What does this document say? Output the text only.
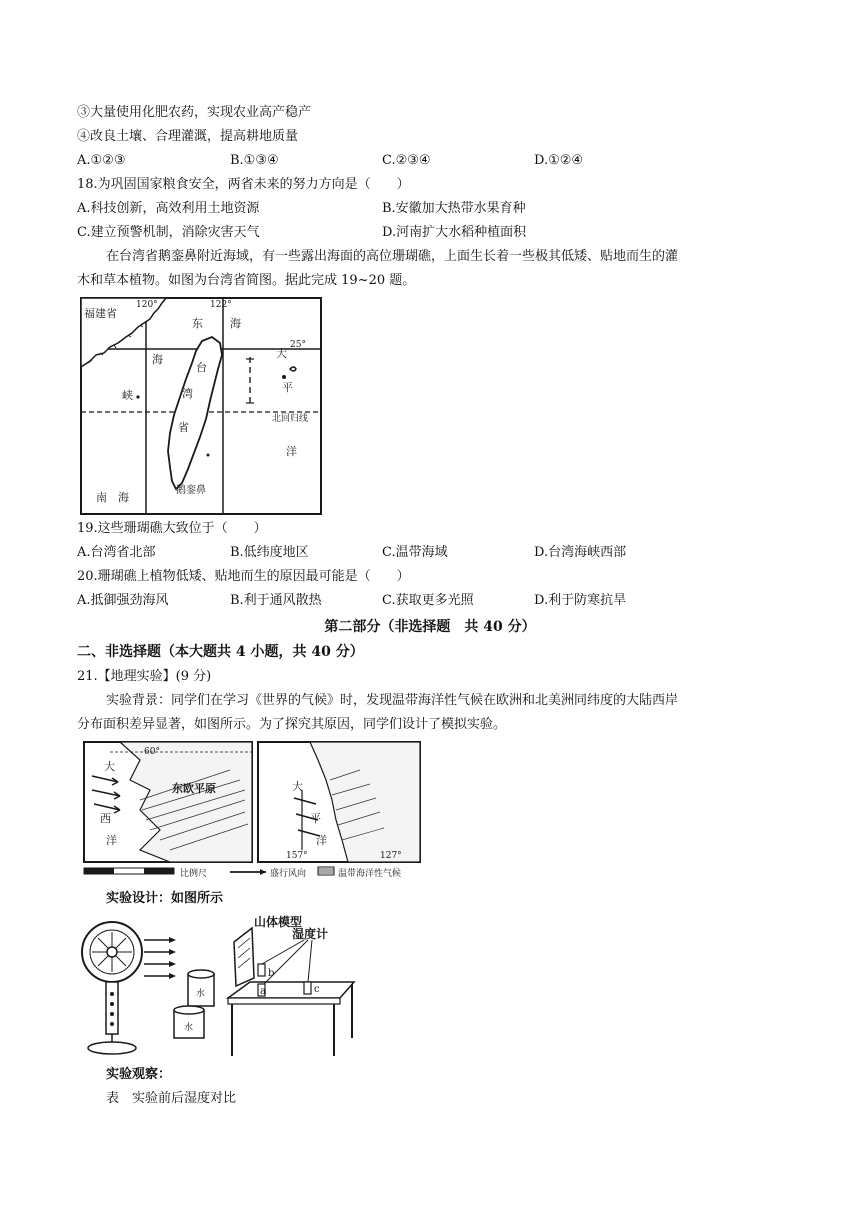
③大量使用化肥农药，实现农业高产稳产
④改良土壤、合理灌溉，提高耕地质量
A.①②③	B.①③④	C.②③④	D.①②④
18.为巩固国家粮食安全，两省未来的努力方向是（　　）
A.科技创新，高效利用土地资源	B.安徽加大热带水果育种
C.建立预警机制，消除灾害天气	D.河南扩大水稻种植面积
在台湾省鹅銮鼻附近海域，有一些露出海面的高位珊瑚礁，上面生长着一些极其低矮、贴地而生的灌
木和草本植物。如图为台湾省简图。据此完成 19~20 题。
福建省
120°	122°
25°
东 海
台
湾
省
大
平
洋
海
峡
南 海
鹅銮鼻
北回归线
19.这些珊瑚礁大致位于（　　）
A.台湾省北部	B.低纬度地区	C.温带海域	D.台湾海峡西部
20.珊瑚礁上植物低矮、贴地而生的原因最可能是（　　）
A.抵御强劲海风	B.利于通风散热	C.获取更多光照	D.利于防寒抗旱
第二部分（非选择题　共 40 分）
二、非选择题（本大题共 4 小题，共 40 分）
21.【地理实验】(9 分)
实验背景：同学们在学习《世界的气候》时，发现温带海洋性气候在欧洲和北美洲同纬度的大陆西岸
分布面积差异显著，如图所示。为了探究其原因，同学们设计了模拟实验。
60°
大
西
洋
东欧平原	大
平
洋
157°	127°
比例尺	盛行风向	温带海洋性气候
实验设计：如图所示
水
水
a
b
c
山体模型
湿度计
实验观察：
表　实验前后湿度对比
